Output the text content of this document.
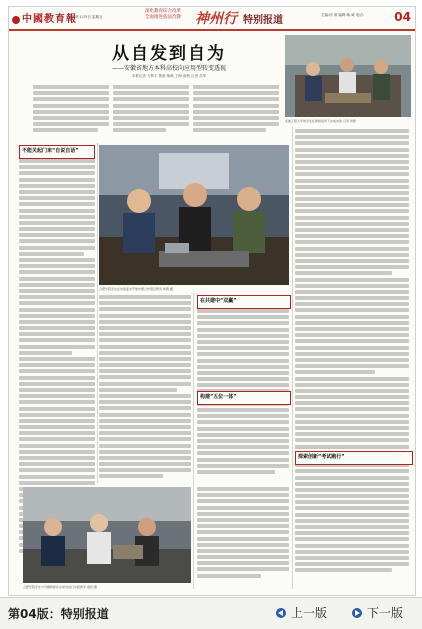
中國教育報
2018年1月5日 星期五
深化教育综合改革
全面推进依法治教 神州行 特别报道	主编:何 涛 编辑:柴 葳 电话:	04
从自发到自为
——安徽省地方本科高校向应用型转变透视
本报记者 方梦宇 焦新 柴葳 王海 俞秋 记者 苏军
安徽工程大学的学生在教师指导下完成实验 记者 供图
不能关起门来“自说自话”
合肥学院学生在实验室中开展中德合作项目研究 柴葳 摄
在共建中“双赢”
构建“五位一体”
合肥学院学生与外籍教师在车间内进行实践教学 俞秋 摄
探索创新“考试跑行”
第04版：特别报道	上一版	下一版
